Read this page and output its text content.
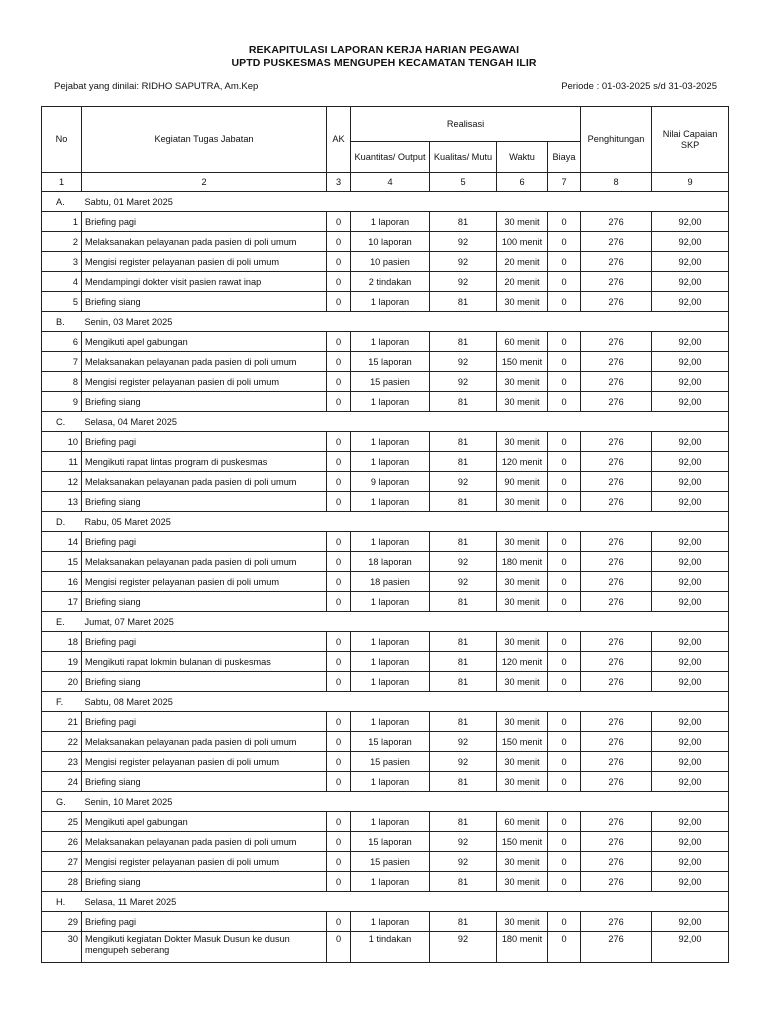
REKAPITULASI LAPORAN KERJA HARIAN PEGAWAI
UPTD PUSKESMAS MENGUPEH KECAMATAN TENGAH ILIR
Pejabat yang dinilai: RIDHO SAPUTRA, Am.Kep	Periode : 01-03-2025 s/d 31-03-2025
No	Kegiatan Tugas Jabatan	AK	Realisasi				Penghitungan	Nilai Capaian SKP
			Kuantitas/ Output	Kualitas/ Mutu	Waktu	Biaya		
1	2	3	4	5	6	7	8	9
A.	Sabtu, 01 Maret 2025							
1	Briefing pagi	0	1 laporan	81	30 menit	0	276	92,00
2	Melaksanakan pelayanan pada pasien di poli umum	0	10 laporan	92	100 menit	0	276	92,00
3	Mengisi register pelayanan pasien di poli umum	0	10 pasien	92	20 menit	0	276	92,00
4	Mendampingi dokter visit pasien rawat inap	0	2 tindakan	92	20 menit	0	276	92,00
5	Briefing siang	0	1 laporan	81	30 menit	0	276	92,00
B.	Senin, 03 Maret 2025							
6	Mengikuti apel gabungan	0	1 laporan	81	60 menit	0	276	92,00
7	Melaksanakan pelayanan pada pasien di poli umum	0	15 laporan	92	150 menit	0	276	92,00
8	Mengisi register pelayanan pasien di poli umum	0	15 pasien	92	30 menit	0	276	92,00
9	Briefing siang	0	1 laporan	81	30 menit	0	276	92,00
C.	Selasa, 04 Maret 2025							
10	Briefing pagi	0	1 laporan	81	30 menit	0	276	92,00
11	Mengikuti rapat lintas program di puskesmas	0	1 laporan	81	120 menit	0	276	92,00
12	Melaksanakan pelayanan pada pasien di poli umum	0	9 laporan	92	90 menit	0	276	92,00
13	Briefing siang	0	1 laporan	81	30 menit	0	276	92,00
D.	Rabu, 05 Maret 2025							
14	Briefing pagi	0	1 laporan	81	30 menit	0	276	92,00
15	Melaksanakan pelayanan pada pasien di poli umum	0	18 laporan	92	180 menit	0	276	92,00
16	Mengisi register pelayanan pasien di poli umum	0	18 pasien	92	30 menit	0	276	92,00
17	Briefing siang	0	1 laporan	81	30 menit	0	276	92,00
E.	Jumat, 07 Maret 2025							
18	Briefing pagi	0	1 laporan	81	30 menit	0	276	92,00
19	Mengikuti rapat lokmin bulanan di puskesmas	0	1 laporan	81	120 menit	0	276	92,00
20	Briefing siang	0	1 laporan	81	30 menit	0	276	92,00
F.	Sabtu, 08 Maret 2025							
21	Briefing pagi	0	1 laporan	81	30 menit	0	276	92,00
22	Melaksanakan pelayanan pada pasien di poli umum	0	15 laporan	92	150 menit	0	276	92,00
23	Mengisi register pelayanan pasien di poli umum	0	15 pasien	92	30 menit	0	276	92,00
24	Briefing siang	0	1 laporan	81	30 menit	0	276	92,00
G.	Senin, 10 Maret 2025							
25	Mengikuti apel gabungan	0	1 laporan	81	60 menit	0	276	92,00
26	Melaksanakan pelayanan pada pasien di poli umum	0	15 laporan	92	150 menit	0	276	92,00
27	Mengisi register pelayanan pasien di poli umum	0	15 pasien	92	30 menit	0	276	92,00
28	Briefing siang	0	1 laporan	81	30 menit	0	276	92,00
H.	Selasa, 11 Maret 2025							
29	Briefing pagi	0	1 laporan	81	30 menit	0	276	92,00
30	Mengikuti kegiatan Dokter Masuk Dusun ke dusun mengupeh seberang	0	1 tindakan	92	180 menit	0	276	92,00
